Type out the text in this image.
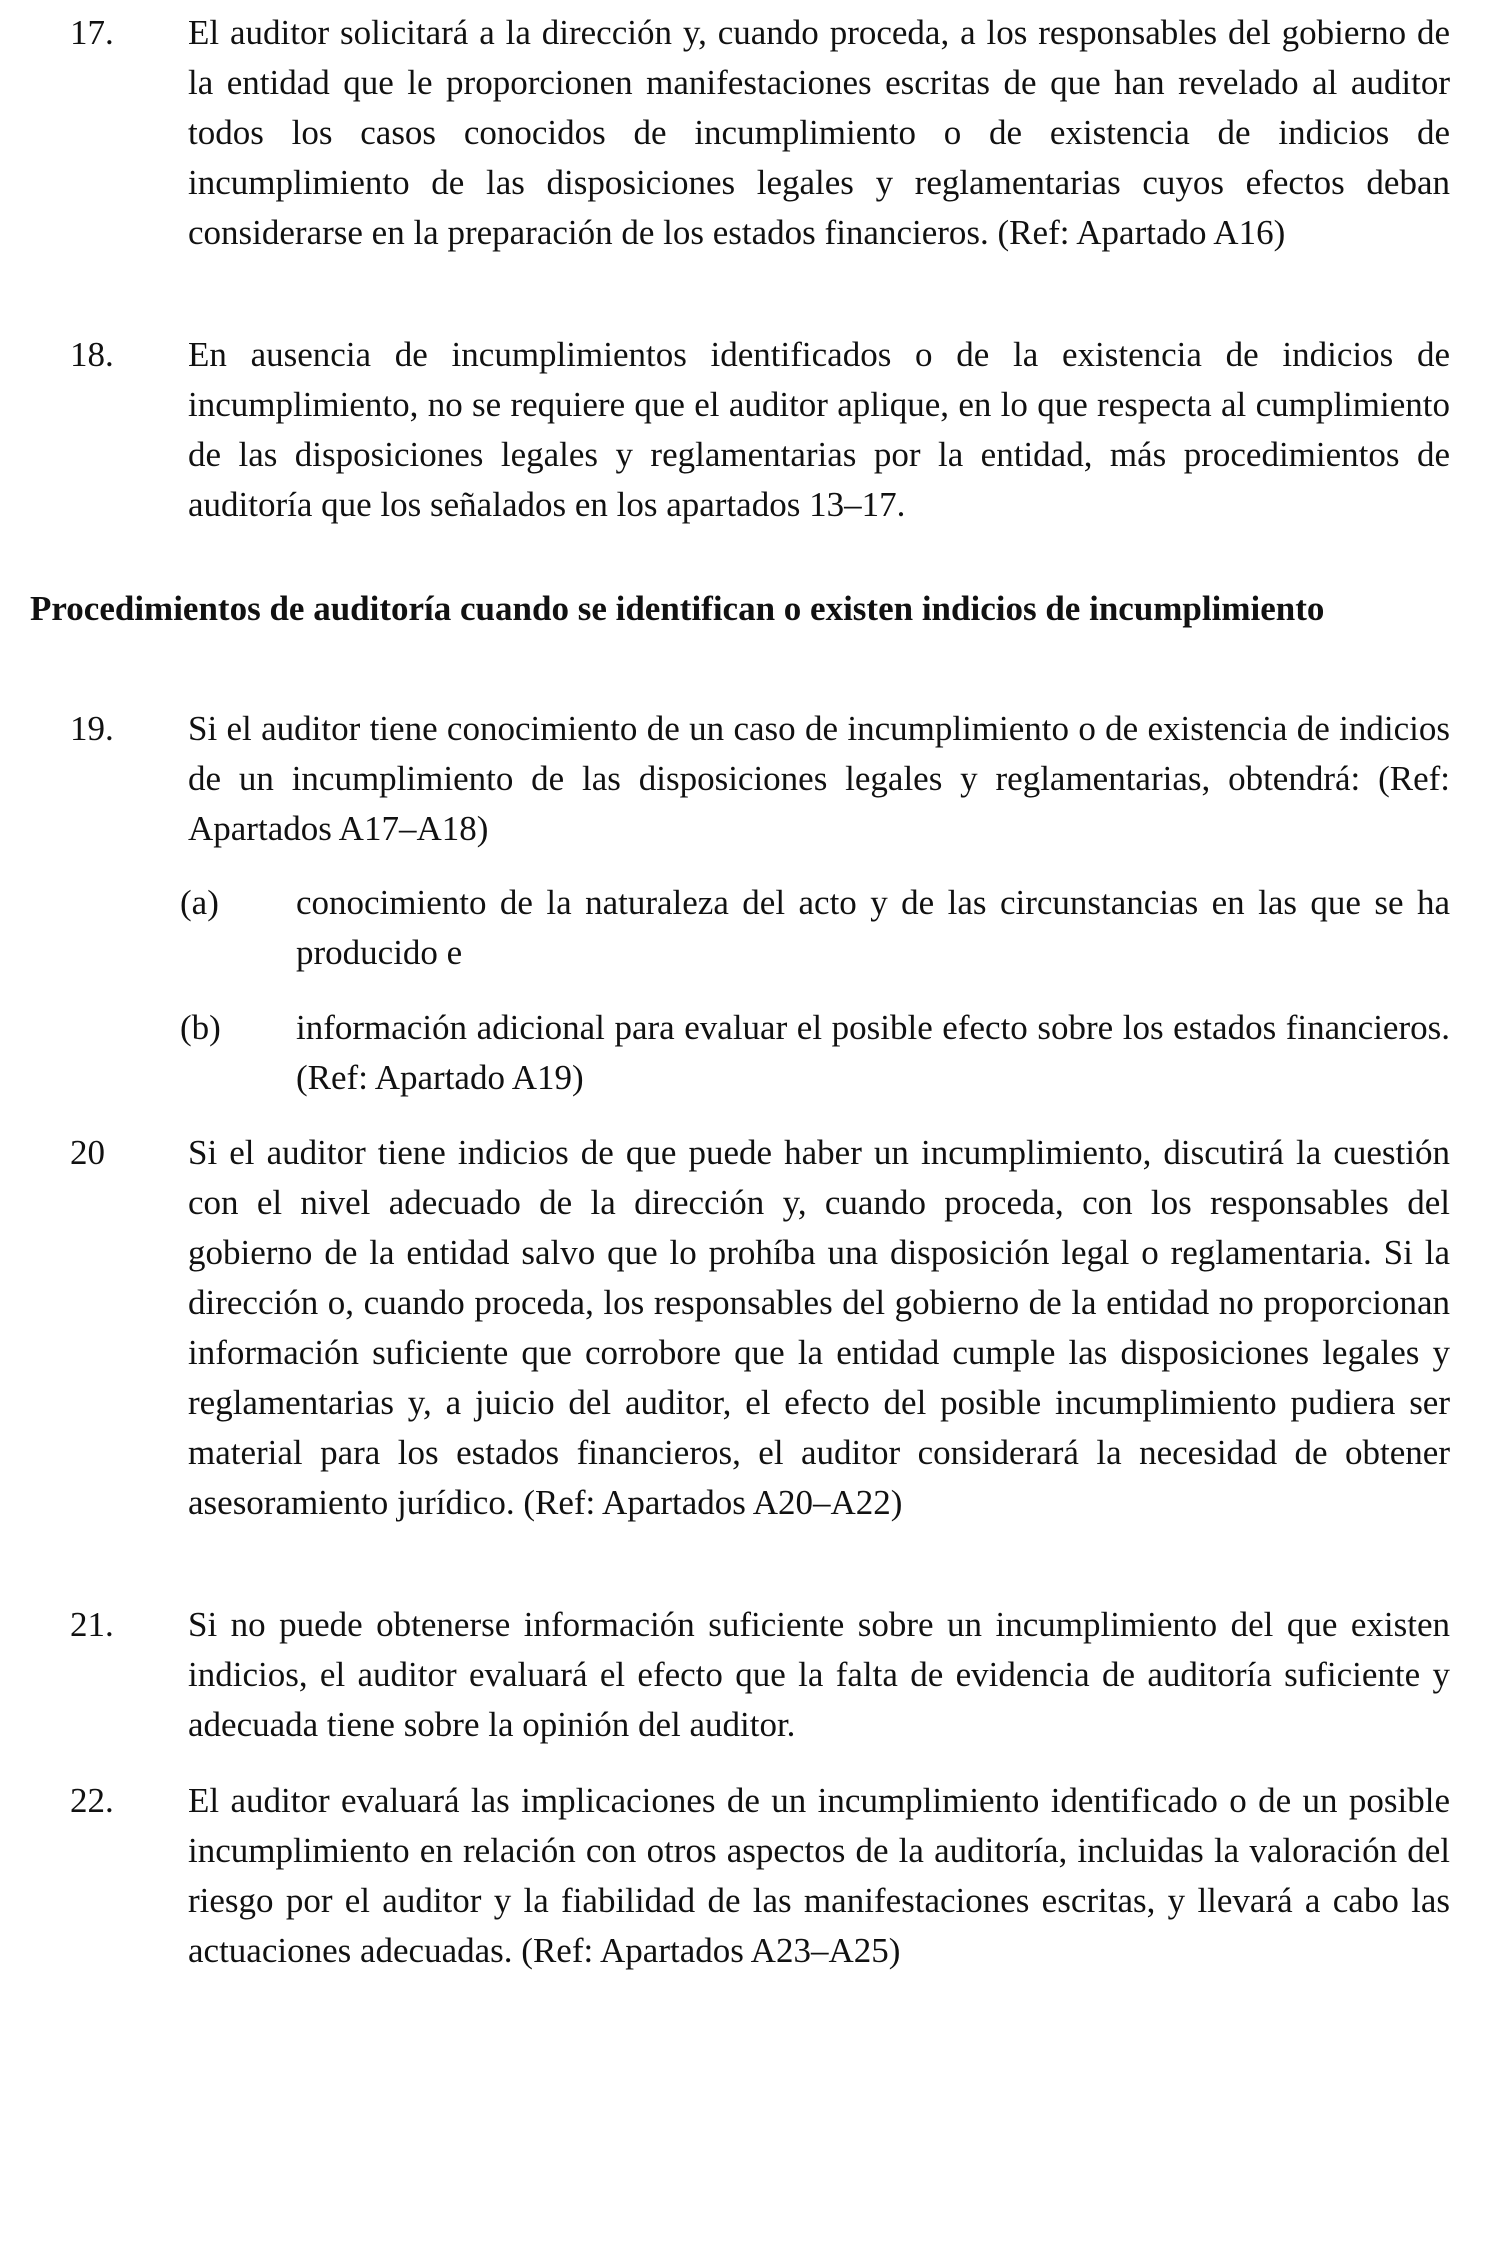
17. El auditor solicitará a la dirección y, cuando proceda, a los responsables del gobierno de la entidad que le proporcionen manifestaciones escritas de que han revelado al auditor todos los casos conocidos de incumplimiento o de existencia de indicios de incumplimiento de las disposiciones legales y reglamentarias cuyos efectos deban considerarse en la preparación de los estados financieros. (Ref: Apartado A16)
18. En ausencia de incumplimientos identificados o de la existencia de indicios de incumplimiento, no se requiere que el auditor aplique, en lo que respecta al cumplimiento de las disposiciones legales y reglamentarias por la entidad, más procedimientos de auditoría que los señalados en los apartados 13–17.
Procedimientos de auditoría cuando se identifican o existen indicios de incumplimiento
19. Si el auditor tiene conocimiento de un caso de incumplimiento o de existencia de indicios de un incumplimiento de las disposiciones legales y reglamentarias, obtendrá: (Ref: Apartados A17–A18)
(a) conocimiento de la naturaleza del acto y de las circunstancias en las que se ha producido e
(b) información adicional para evaluar el posible efecto sobre los estados financieros. (Ref: Apartado A19)
20 Si el auditor tiene indicios de que puede haber un incumplimiento, discutirá la cuestión con el nivel adecuado de la dirección y, cuando proceda, con los responsables del gobierno de la entidad salvo que lo prohíba una disposición legal o reglamentaria. Si la dirección o, cuando proceda, los responsables del gobierno de la entidad no proporcionan información suficiente que corrobore que la entidad cumple las disposiciones legales y reglamentarias y, a juicio del auditor, el efecto del posible incumplimiento pudiera ser material para los estados financieros, el auditor considerará la necesidad de obtener asesoramiento jurídico. (Ref: Apartados A20–A22)
21. Si no puede obtenerse información suficiente sobre un incumplimiento del que existen indicios, el auditor evaluará el efecto que la falta de evidencia de auditoría suficiente y adecuada tiene sobre la opinión del auditor.
22. El auditor evaluará las implicaciones de un incumplimiento identificado o de un posible incumplimiento en relación con otros aspectos de la auditoría, incluidas la valoración del riesgo por el auditor y la fiabilidad de las manifestaciones escritas, y llevará a cabo las actuaciones adecuadas. (Ref: Apartados A23–A25)
